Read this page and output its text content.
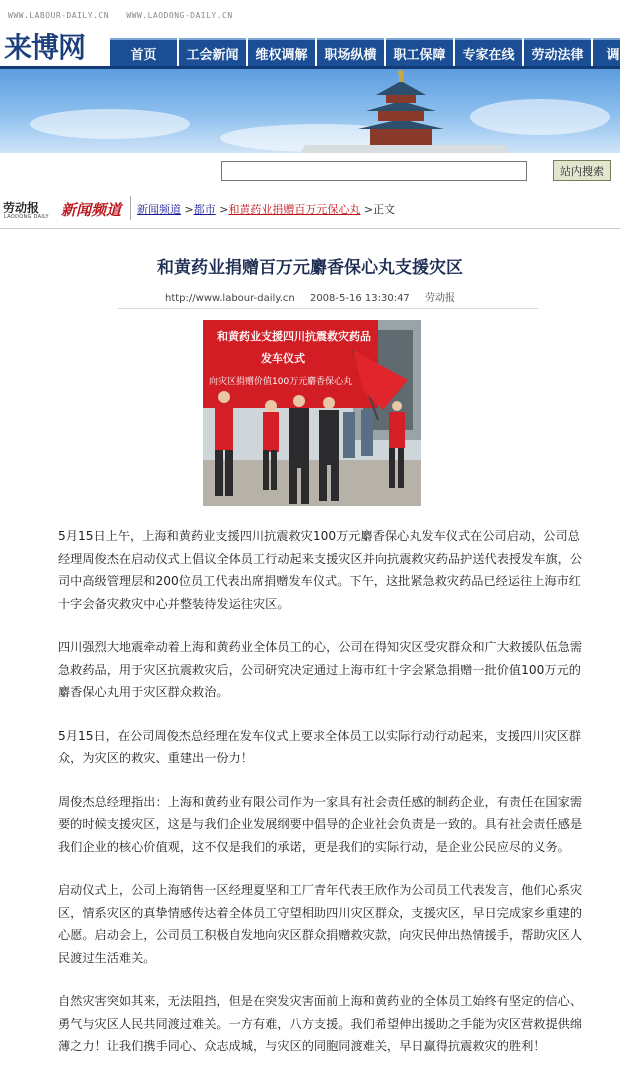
WWW.LABOUR-DAILY.CN WWW.LAODONG-DAILY.CN
来博网	首页	工会新闻	维权调解	职场纵横	职工保障	专家在线	劳动法律	调
站内搜索
劳动报
LAODONG DAILY 新闻频道 新闻频道 >都市 >和黄药业捐赠百万元保心丸 >正文
和黄药业捐赠百万元麝香保心丸支援灾区
http://www.labour-daily.cn 2008-5-16 13:30:47 劳动报
和黄药业支援四川抗震救灾药品
发车仪式
向灾区捐赠价值100万元麝香保心丸

5月15日上午，上海和黄药业支援四川抗震救灾100万元麝香保心丸发车仪式在公司启动，公司总经理周俊杰在启动仪式上倡议全体员工行动起来支援灾区并向抗震救灾药品护送代表授发车旗，公司中高级管理层和200位员工代表出席捐赠发车仪式。下午，这批紧急救灾药品已经运往上海市红十字会备灾救灾中心并整装待发运往灾区。

四川强烈大地震牵动着上海和黄药业全体员工的心，公司在得知灾区受灾群众和广大救援队伍急需急救药品，用于灾区抗震救灾后，公司研究决定通过上海市红十字会紧急捐赠一批价值100万元的麝香保心丸用于灾区群众救治。

5月15日，在公司周俊杰总经理在发车仪式上要求全体员工以实际行动行动起来，支援四川灾区群众，为灾区的救灾、重建出一份力！

周俊杰总经理指出：上海和黄药业有限公司作为一家具有社会责任感的制药企业，有责任在国家需要的时候支援灾区，这是与我们企业发展纲要中倡导的企业社会负责是一致的。具有社会责任感是我们企业的核心价值观，这不仅是我们的承诺，更是我们的实际行动，是企业公民应尽的义务。

启动仪式上，公司上海销售一区经理夏坚和工厂青年代表王欣作为公司员工代表发言，他们心系灾区，情系灾区的真挚情感传达着全体员工守望相助四川灾区群众，支援灾区，早日完成家乡重建的心愿。启动会上，公司员工积极自发地向灾区群众捐赠救灾款，向灾民伸出热情援手，帮助灾区人民渡过生活难关。

自然灾害突如其来，无法阻挡，但是在突发灾害面前上海和黄药业的全体员工始终有坚定的信心、勇气与灾区人民共同渡过难关。一方有难，八方支援。我们希望伸出援助之手能为灾区营救提供绵薄之力！让我们携手同心、众志成城，与灾区的同胞同渡难关，早日赢得抗震救灾的胜利！
